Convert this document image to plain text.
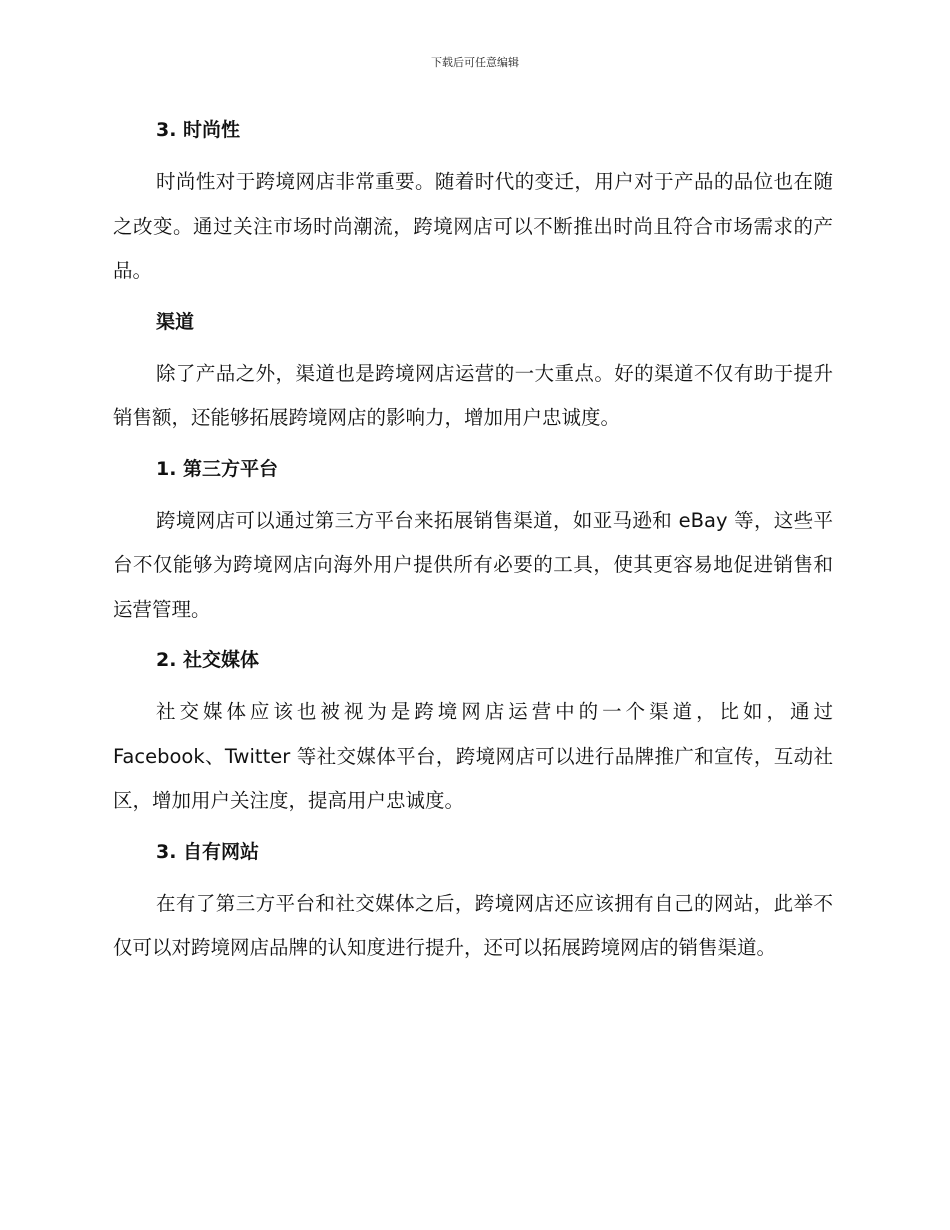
下载后可任意编辑
3. 时尚性

时尚性对于跨境网店非常重要。随着时代的变迁，用户对于产品的品位也在随之改变。通过关注市场时尚潮流，跨境网店可以不断推出时尚且符合市场需求的产品。

渠道

除了产品之外，渠道也是跨境网店运营的一大重点。好的渠道不仅有助于提升销售额，还能够拓展跨境网店的影响力，增加用户忠诚度。

1. 第三方平台

跨境网店可以通过第三方平台来拓展销售渠道，如亚马逊和 eBay 等，这些平台不仅能够为跨境网店向海外用户提供所有必要的工具，使其更容易地促进销售和运营管理。

2. 社交媒体

社交媒体应该也被视为是跨境网店运营中的一个渠道，比如，通过 Facebook、Twitter 等社交媒体平台，跨境网店可以进行品牌推广和宣传，互动社区，增加用户关注度，提高用户忠诚度。

3. 自有网站

在有了第三方平台和社交媒体之后，跨境网店还应该拥有自己的网站，此举不仅可以对跨境网店品牌的认知度进行提升，还可以拓展跨境网店的销售渠道。
